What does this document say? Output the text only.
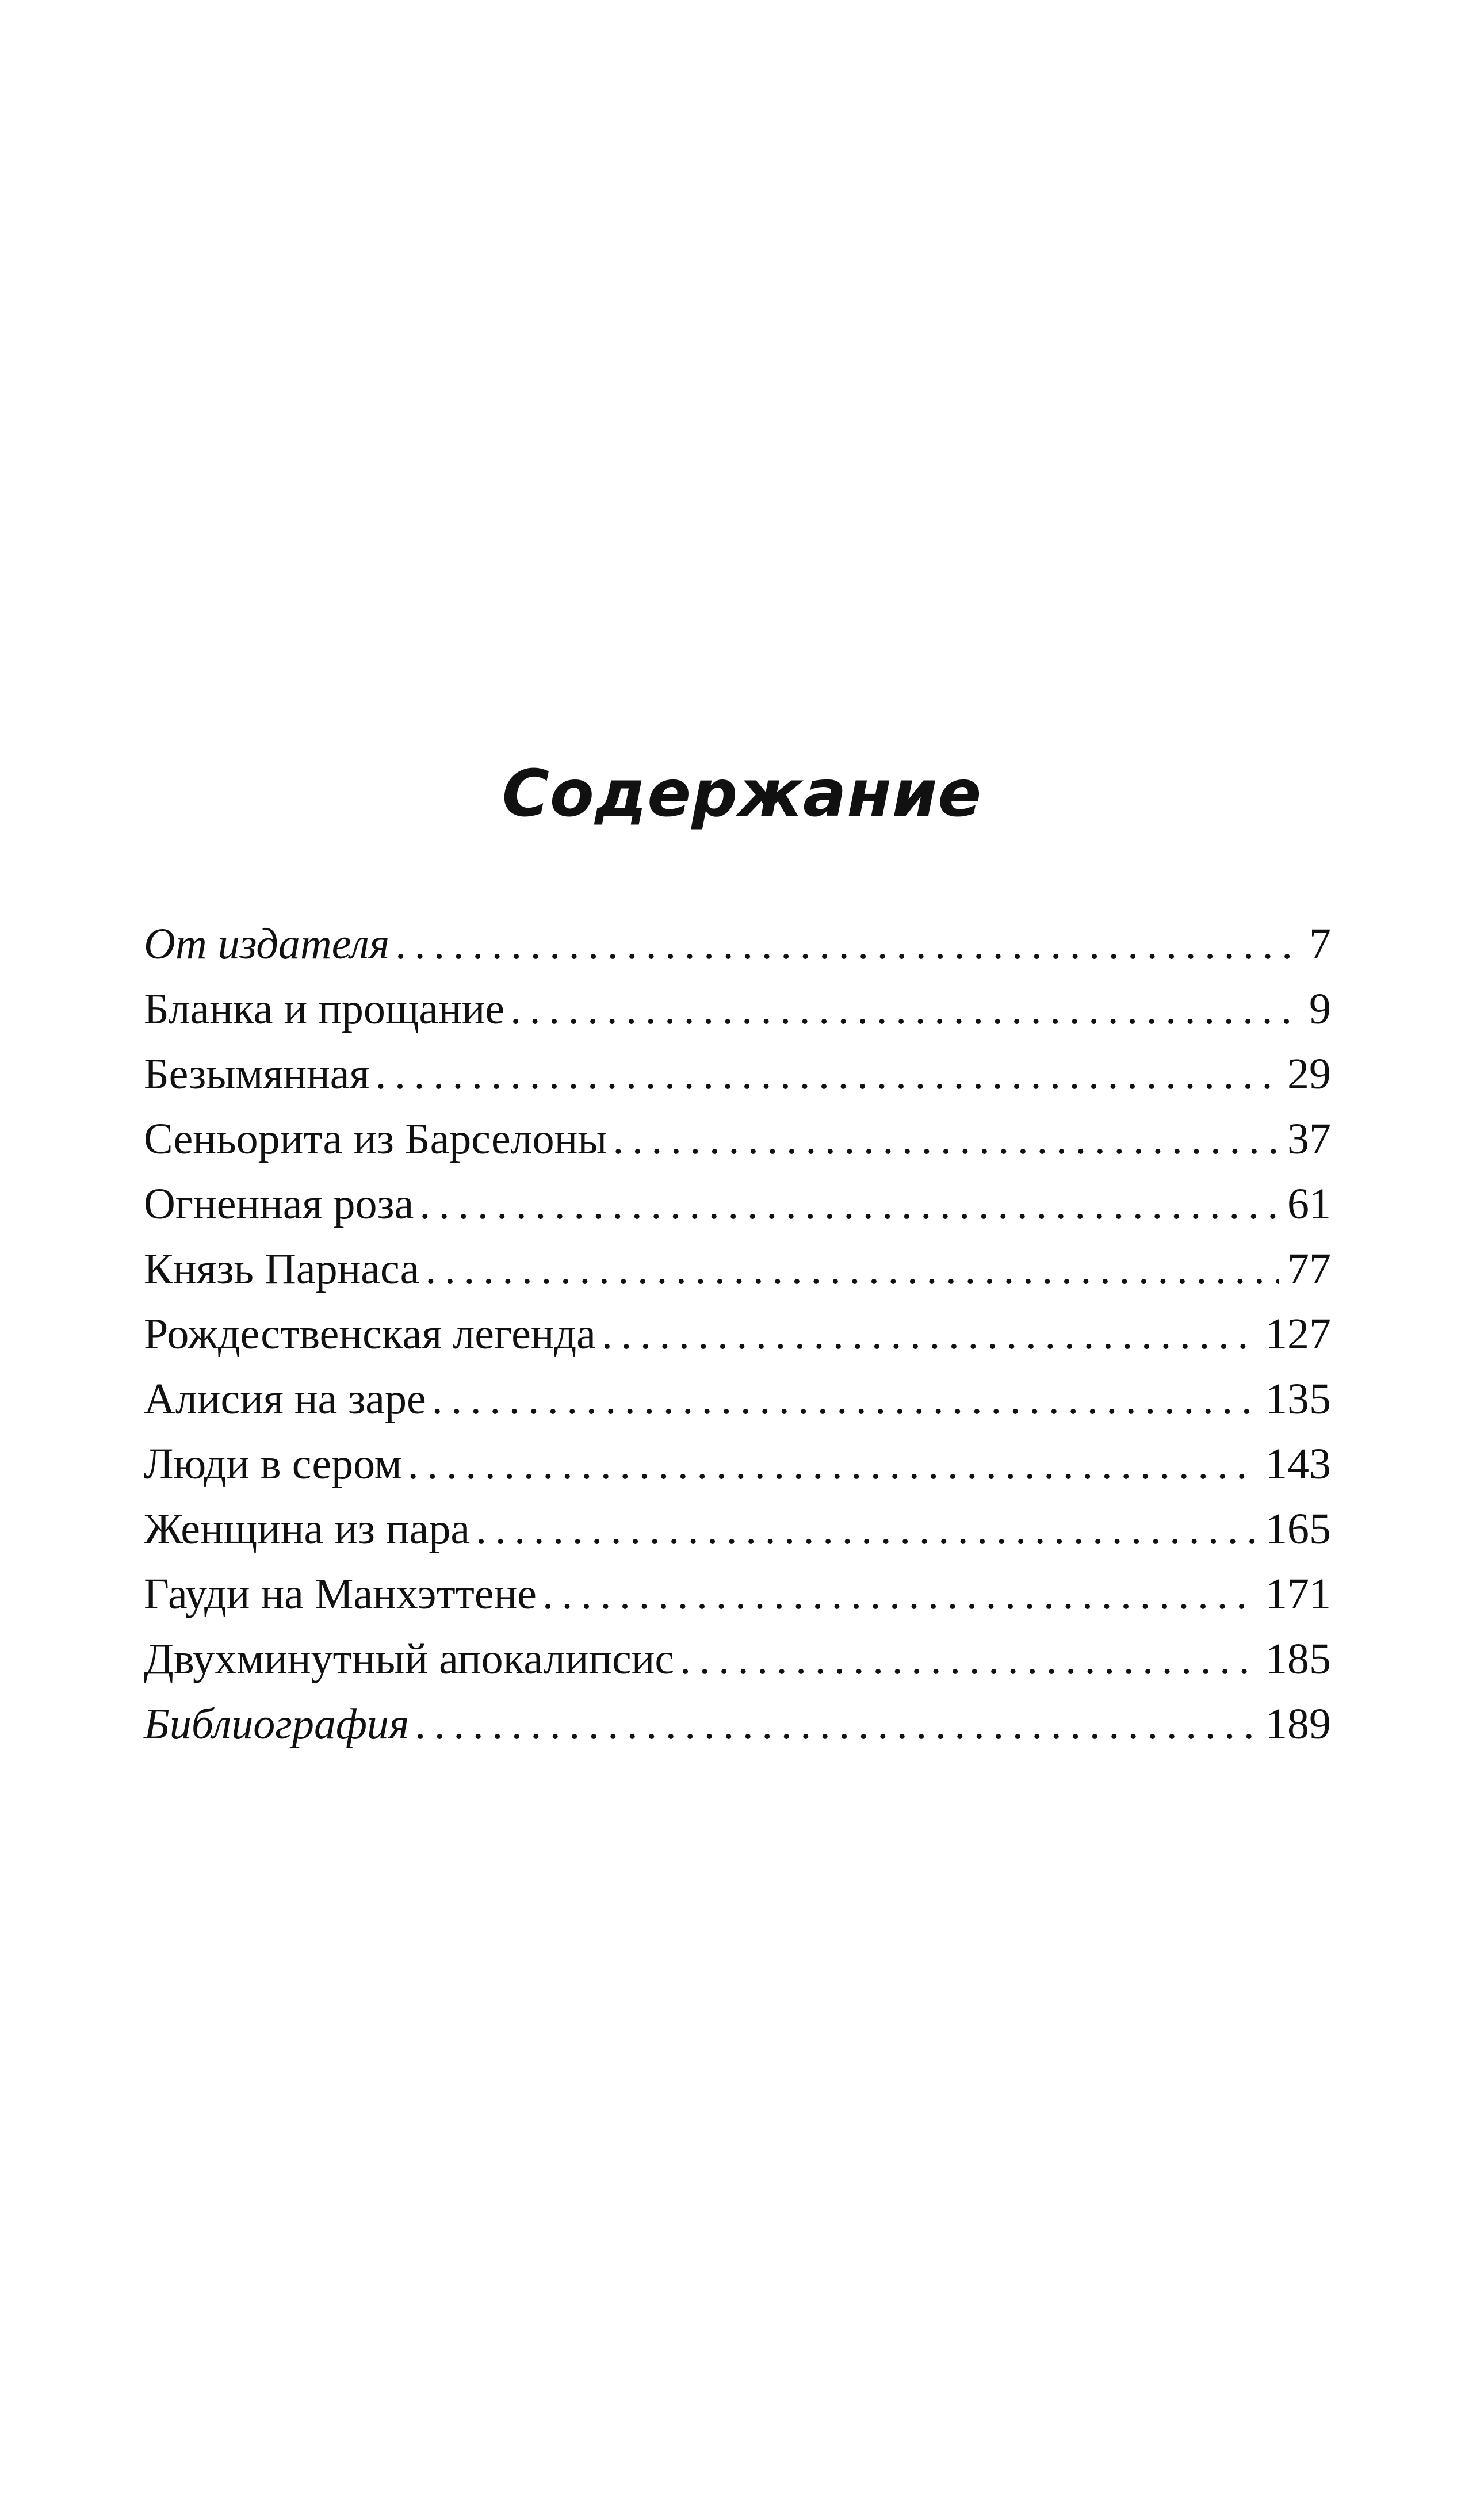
Содержание
От издателя .....	7
Бланка и прощание .....	9
Безымянная .....	29
Сеньорита из Барселоны .....	37
Огненная роза .....	61
Князь Парнаса .....	77
Рождественская легенда .....	127
Алисия на заре .....	135
Люди в сером .....	143
Женщина из пара .....	165
Гауди на Манхэттене .....	171
Двухминутный апокалипсис .....	185
Библиография .....	189
